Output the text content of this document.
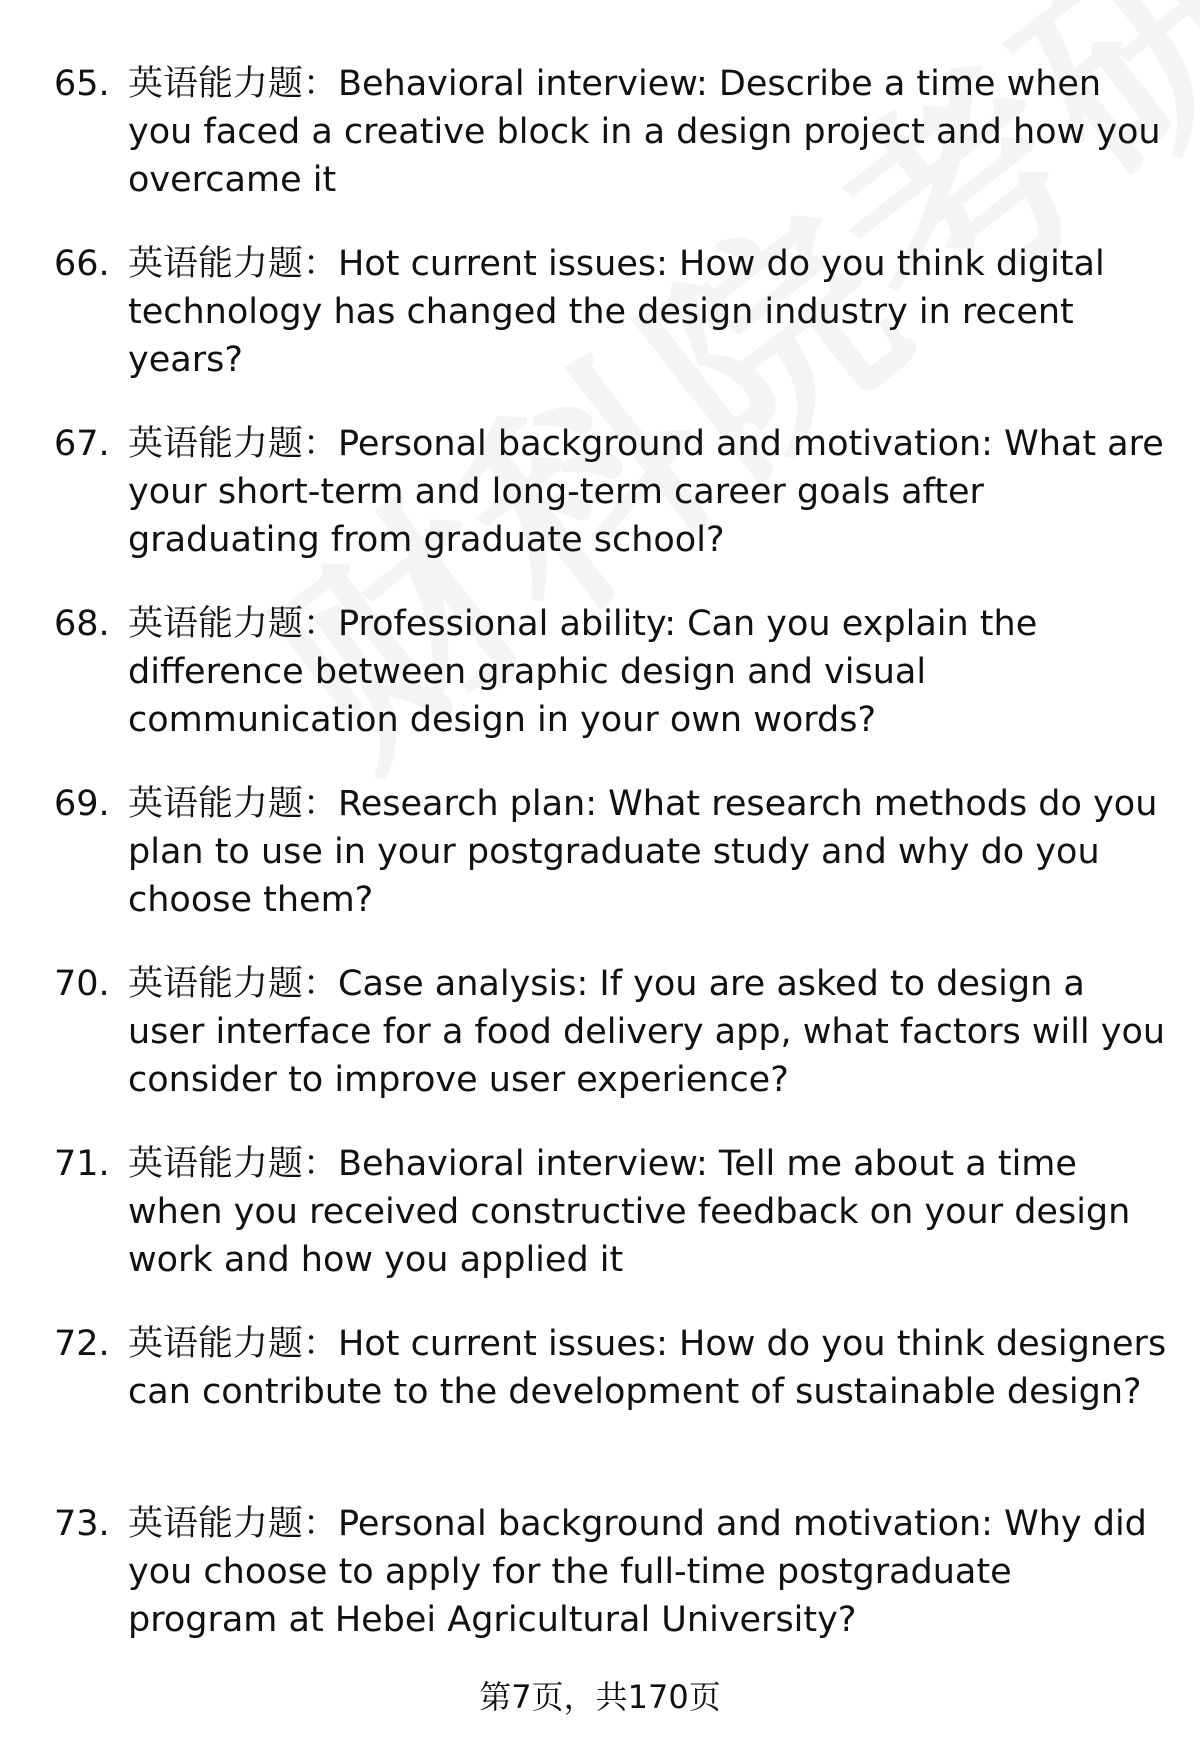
65. 英语能力题：Behavioral interview: Describe a time when you faced a creative block in a design project and how you overcame it
66. 英语能力题：Hot current issues: How do you think digital technology has changed the design industry in recent years?
67. 英语能力题：Personal background and motivation: What are your short-term and long-term career goals after graduating from graduate school?
68. 英语能力题：Professional ability: Can you explain the difference between graphic design and visual communication design in your own words?
69. 英语能力题：Research plan: What research methods do you plan to use in your postgraduate study and why do you choose them?
70. 英语能力题：Case analysis: If you are asked to design a user interface for a food delivery app, what factors will you consider to improve user experience?
71. 英语能力题：Behavioral interview: Tell me about a time when you received constructive feedback on your design work and how you applied it
72. 英语能力题：Hot current issues: How do you think designers can contribute to the development of sustainable design?
73. 英语能力题：Personal background and motivation: Why did you choose to apply for the full-time postgraduate program at Hebei Agricultural University?
第7页，共170页
